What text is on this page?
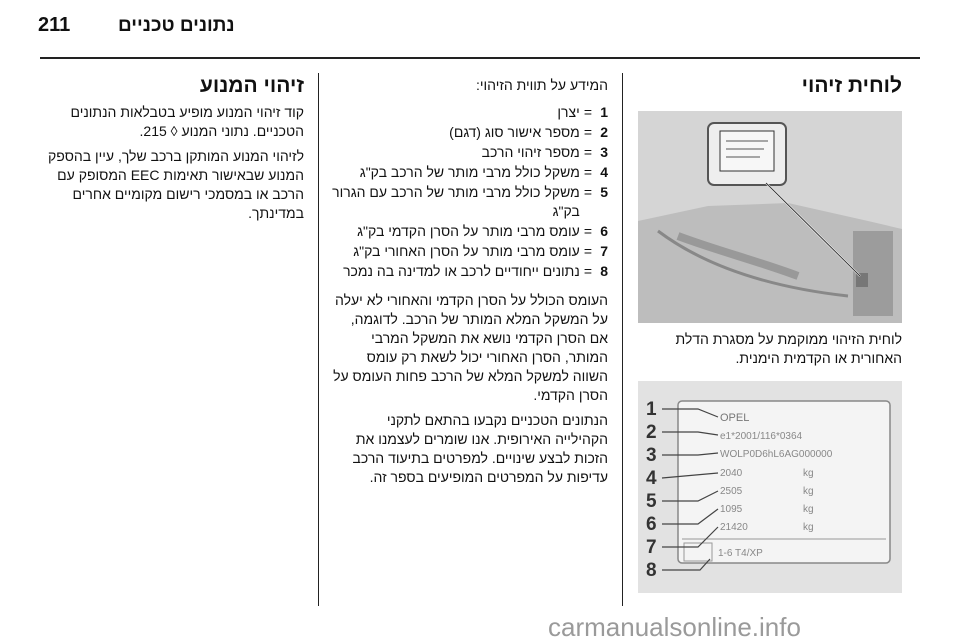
211	נתונים טכניים
לוחית זיהוי

לוחית הזיהוי ממוקמת על מסגרת הדלת האחורית או הקדמית הימנית.

OPEL
e1*2001/116*0364
WOLP0D6hL6AG000000
2040
2505
1095
21420
kg
kg
kg
kg
1-6 T4/XP
1
2
3
4
5
6
7
8

המידע על תווית הזיהוי:

1
=
יצרן
2
=
מספר אישור סוג (דגם)
3
=
מספר זיהוי הרכב
4
=
משקל כולל מרבי מותר של הרכב בק"ג
5
=
משקל כולל מרבי מותר של הרכב עם הגרור בק"ג
6
=
עומס מרבי מותר על הסרן הקדמי בק"ג
7
=
עומס מרבי מותר על הסרן האחורי בק"ג
8
=
נתונים ייחודיים לרכב או למדינה בה נמכר

העומס הכולל על הסרן הקדמי והאחורי לא יעלה על המשקל המלא המותר של הרכב. לדוגמה, אם הסרן הקדמי נושא את המשקל המרבי המותר, הסרן האחורי יכול לשאת רק עומס השווה למשקל המלא של הרכב פחות העומס על הסרן הקדמי.

הנתונים הטכניים נקבעו בהתאם לתקני הקהילייה האירופית. אנו שומרים לעצמנו את הזכות לבצע שינויים. למפרטים בתיעוד הרכב עדיפות על המפרטים המופיעים בספר זה.

זיהוי המנוע

קוד זיהוי המנוע מופיע בטבלאות הנתונים הטכניים. נתוני המנוע ◊ 215.

לזיהוי המנוע המותקן ברכב שלך, עיין בהספק המנוע שבאישור תאימות EEC המסופק עם הרכב או במסמכי רישום מקומיים אחרים במדינתך.

carmanualsonline.info
